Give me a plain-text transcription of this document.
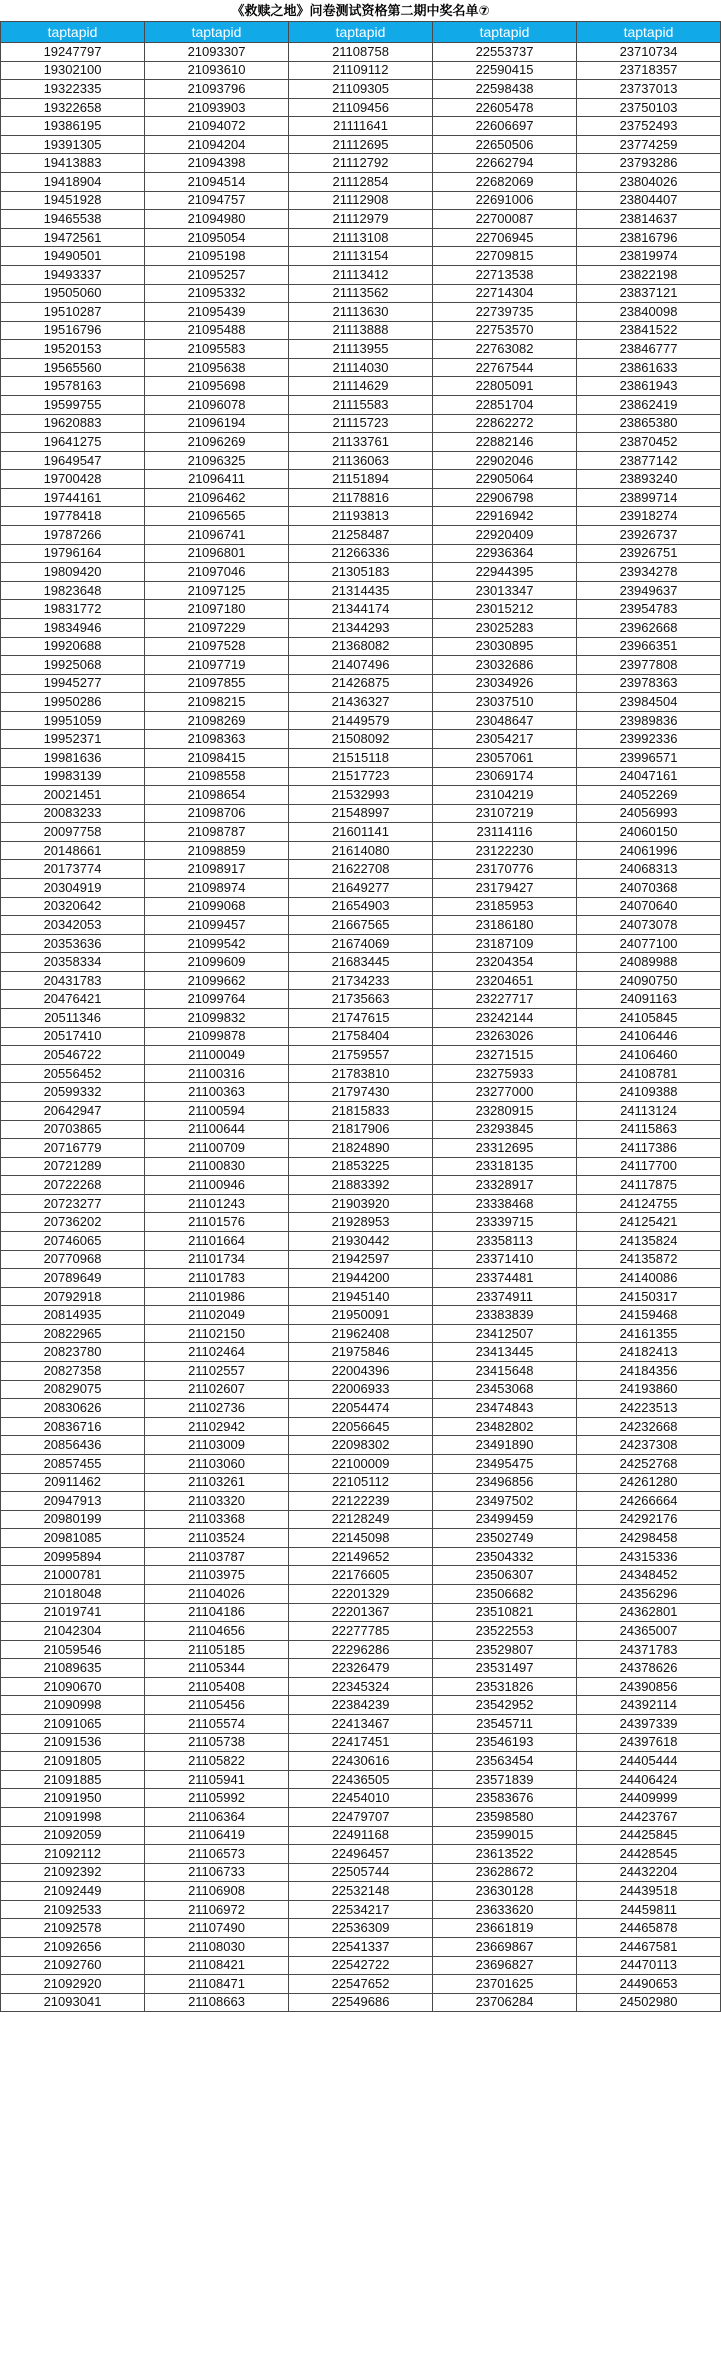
《救赎之地》问卷测试资格第二期中奖名单⑦
taptapid	taptapid	taptapid	taptapid	taptapid
19247797	21093307	21108758	22553737	23710734
19302100	21093610	21109112	22590415	23718357
19322335	21093796	21109305	22598438	23737013
19322658	21093903	21109456	22605478	23750103
19386195	21094072	21111641	22606697	23752493
19391305	21094204	21112695	22650506	23774259
19413883	21094398	21112792	22662794	23793286
19418904	21094514	21112854	22682069	23804026
19451928	21094757	21112908	22691006	23804407
19465538	21094980	21112979	22700087	23814637
19472561	21095054	21113108	22706945	23816796
19490501	21095198	21113154	22709815	23819974
19493337	21095257	21113412	22713538	23822198
19505060	21095332	21113562	22714304	23837121
19510287	21095439	21113630	22739735	23840098
19516796	21095488	21113888	22753570	23841522
19520153	21095583	21113955	22763082	23846777
19565560	21095638	21114030	22767544	23861633
19578163	21095698	21114629	22805091	23861943
19599755	21096078	21115583	22851704	23862419
19620883	21096194	21115723	22862272	23865380
19641275	21096269	21133761	22882146	23870452
19649547	21096325	21136063	22902046	23877142
19700428	21096411	21151894	22905064	23893240
19744161	21096462	21178816	22906798	23899714
19778418	21096565	21193813	22916942	23918274
19787266	21096741	21258487	22920409	23926737
19796164	21096801	21266336	22936364	23926751
19809420	21097046	21305183	22944395	23934278
19823648	21097125	21314435	23013347	23949637
19831772	21097180	21344174	23015212	23954783
19834946	21097229	21344293	23025283	23962668
19920688	21097528	21368082	23030895	23966351
19925068	21097719	21407496	23032686	23977808
19945277	21097855	21426875	23034926	23978363
19950286	21098215	21436327	23037510	23984504
19951059	21098269	21449579	23048647	23989836
19952371	21098363	21508092	23054217	23992336
19981636	21098415	21515118	23057061	23996571
19983139	21098558	21517723	23069174	24047161
20021451	21098654	21532993	23104219	24052269
20083233	21098706	21548997	23107219	24056993
20097758	21098787	21601141	23114116	24060150
20148661	21098859	21614080	23122230	24061996
20173774	21098917	21622708	23170776	24068313
20304919	21098974	21649277	23179427	24070368
20320642	21099068	21654903	23185953	24070640
20342053	21099457	21667565	23186180	24073078
20353636	21099542	21674069	23187109	24077100
20358334	21099609	21683445	23204354	24089988
20431783	21099662	21734233	23204651	24090750
20476421	21099764	21735663	23227717	24091163
20511346	21099832	21747615	23242144	24105845
20517410	21099878	21758404	23263026	24106446
20546722	21100049	21759557	23271515	24106460
20556452	21100316	21783810	23275933	24108781
20599332	21100363	21797430	23277000	24109388
20642947	21100594	21815833	23280915	24113124
20703865	21100644	21817906	23293845	24115863
20716779	21100709	21824890	23312695	24117386
20721289	21100830	21853225	23318135	24117700
20722268	21100946	21883392	23328917	24117875
20723277	21101243	21903920	23338468	24124755
20736202	21101576	21928953	23339715	24125421
20746065	21101664	21930442	23358113	24135824
20770968	21101734	21942597	23371410	24135872
20789649	21101783	21944200	23374481	24140086
20792918	21101986	21945140	23374911	24150317
20814935	21102049	21950091	23383839	24159468
20822965	21102150	21962408	23412507	24161355
20823780	21102464	21975846	23413445	24182413
20827358	21102557	22004396	23415648	24184356
20829075	21102607	22006933	23453068	24193860
20830626	21102736	22054474	23474843	24223513
20836716	21102942	22056645	23482802	24232668
20856436	21103009	22098302	23491890	24237308
20857455	21103060	22100009	23495475	24252768
20911462	21103261	22105112	23496856	24261280
20947913	21103320	22122239	23497502	24266664
20980199	21103368	22128249	23499459	24292176
20981085	21103524	22145098	23502749	24298458
20995894	21103787	22149652	23504332	24315336
21000781	21103975	22176605	23506307	24348452
21018048	21104026	22201329	23506682	24356296
21019741	21104186	22201367	23510821	24362801
21042304	21104656	22277785	23522553	24365007
21059546	21105185	22296286	23529807	24371783
21089635	21105344	22326479	23531497	24378626
21090670	21105408	22345324	23531826	24390856
21090998	21105456	22384239	23542952	24392114
21091065	21105574	22413467	23545711	24397339
21091536	21105738	22417451	23546193	24397618
21091805	21105822	22430616	23563454	24405444
21091885	21105941	22436505	23571839	24406424
21091950	21105992	22454010	23583676	24409999
21091998	21106364	22479707	23598580	24423767
21092059	21106419	22491168	23599015	24425845
21092112	21106573	22496457	23613522	24428545
21092392	21106733	22505744	23628672	24432204
21092449	21106908	22532148	23630128	24439518
21092533	21106972	22534217	23633620	24459811
21092578	21107490	22536309	23661819	24465878
21092656	21108030	22541337	23669867	24467581
21092760	21108421	22542722	23696827	24470113
21092920	21108471	22547652	23701625	24490653
21093041	21108663	22549686	23706284	24502980
